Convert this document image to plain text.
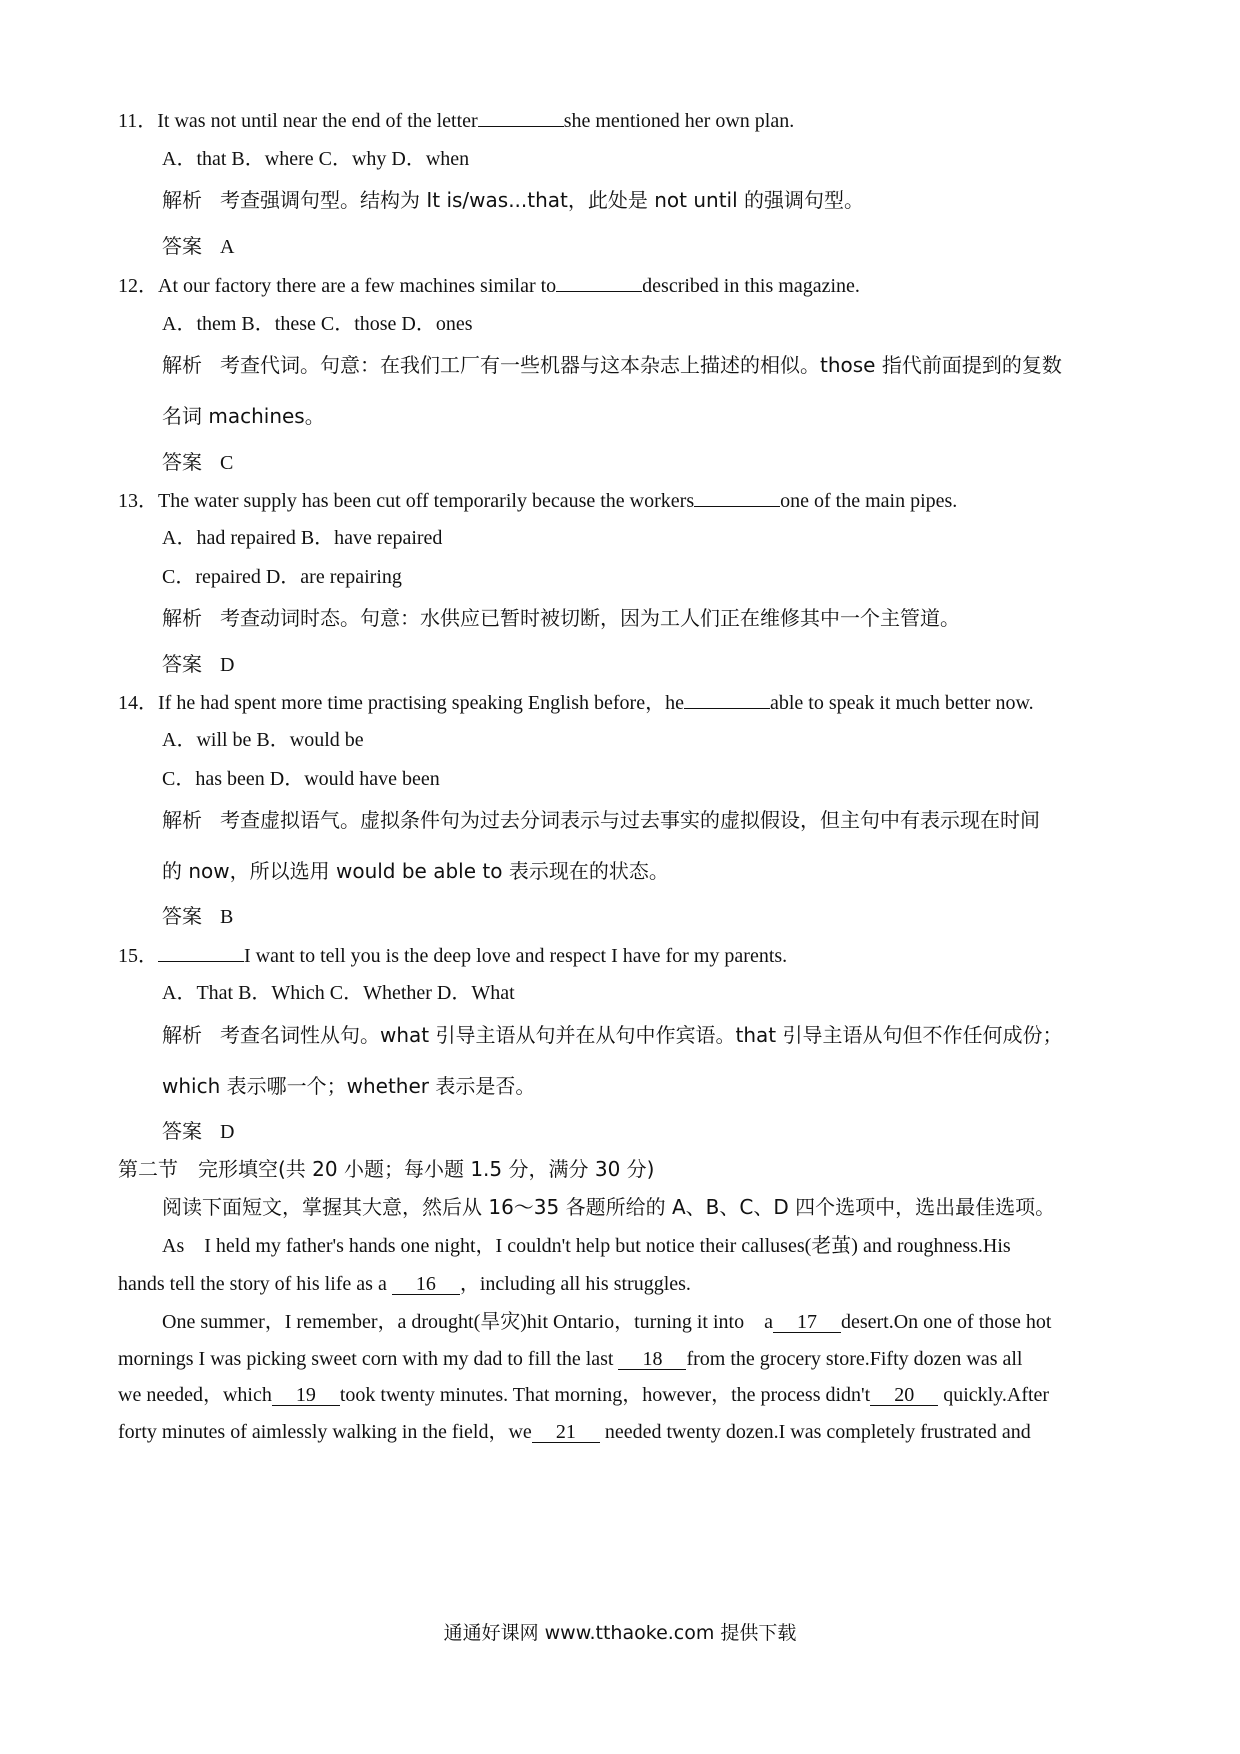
11．It was not until near the end of the letter	she mentioned her own plan.
A．that B．where C．why D．when
解析 考查强调句型。结构为 It is/was...that，此处是 not until 的强调句型。
答案 A
12．At our factory there are a few machines similar to	described in this magazine.
A．them B．these C．those D．ones
解析 考查代词。句意：在我们工厂有一些机器与这本杂志上描述的相似。those 指代前面提到的复数
名词 machines。
答案 C
13．The water supply has been cut off temporarily because the workers	one of the main pipes.
A．had repaired B．have repaired
C．repaired D．are repairing
解析 考查动词时态。句意：水供应已暂时被切断，因为工人们正在维修其中一个主管道。
答案 D
14．If he had spent more time practising speaking English before，he	able to speak it much better now.
A．will be B．would be
C．has been D．would have been
解析 考查虚拟语气。虚拟条件句为过去分词表示与过去事实的虚拟假设，但主句中有表示现在时间
的 now，所以选用 would be able to 表示现在的状态。
答案 B
15．	I want to tell you is the deep love and respect I have for my parents.
A．That B．Which C．Whether D．What
解析 考查名词性从句。what 引导主语从句并在从句中作宾语。that 引导主语从句但不作任何成份；
which 表示哪一个；whether 表示是否。
答案 D
第二节　完形填空(共 20 小题；每小题 1.5 分，满分 30 分)
阅读下面短文，掌握其大意，然后从 16～35 各题所给的 A、B、C、D 四个选项中，选出最佳选项。
As　I held my father's hands one night，I couldn't help but notice their calluses(老茧) and roughness.His
hands tell the story of his life as a 16 ，including all his struggles.
One summer，I remember，a drought(旱灾)hit Ontario，turning it into　a 17 desert.On one of those hot
mornings I was picking sweet corn with my dad to fill the last 18 from the grocery store.Fifty dozen was all
we needed，which 19 took twenty minutes. That morning，however，the process didn't 20 quickly.After
forty minutes of aimlessly walking in the field，we 21 needed twenty dozen.I was completely frustrated and
通通好课网 www.tthaoke.com 提供下载
